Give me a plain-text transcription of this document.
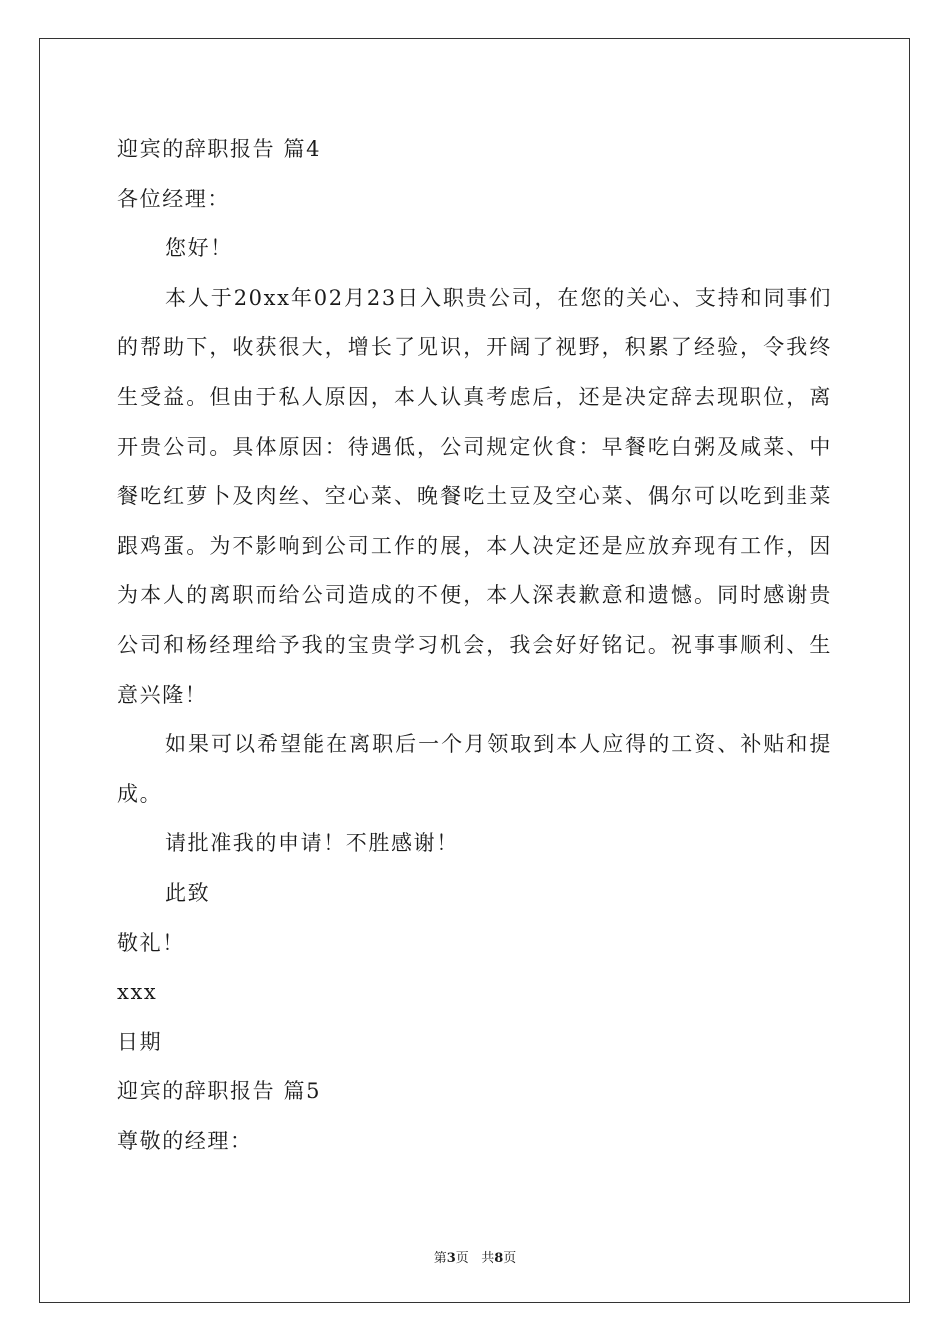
迎宾的辞职报告 篇4
各位经理：
您好！

本人于20xx年02月23日入职贵公司，在您的关心、支持和同事们的帮助下，收获很大，增长了见识，开阔了视野，积累了经验，令我终生受益。但由于私人原因，本人认真考虑后，还是决定辞去现职位，离开贵公司。具体原因：待遇低，公司规定伙食：早餐吃白粥及咸菜、中餐吃红萝卜及肉丝、空心菜、晚餐吃土豆及空心菜、偶尔可以吃到韭菜跟鸡蛋。为不影响到公司工作的展，本人决定还是应放弃现有工作，因为本人的离职而给公司造成的不便，本人深表歉意和遗憾。同时感谢贵公司和杨经理给予我的宝贵学习机会，我会好好铭记。祝事事顺利、生意兴隆！

如果可以希望能在离职后一个月领取到本人应得的工资、补贴和提成。

请批准我的申请！不胜感谢！
此致
敬礼！
xxx
日期
迎宾的辞职报告 篇5
尊敬的经理：
第3页 共8页
